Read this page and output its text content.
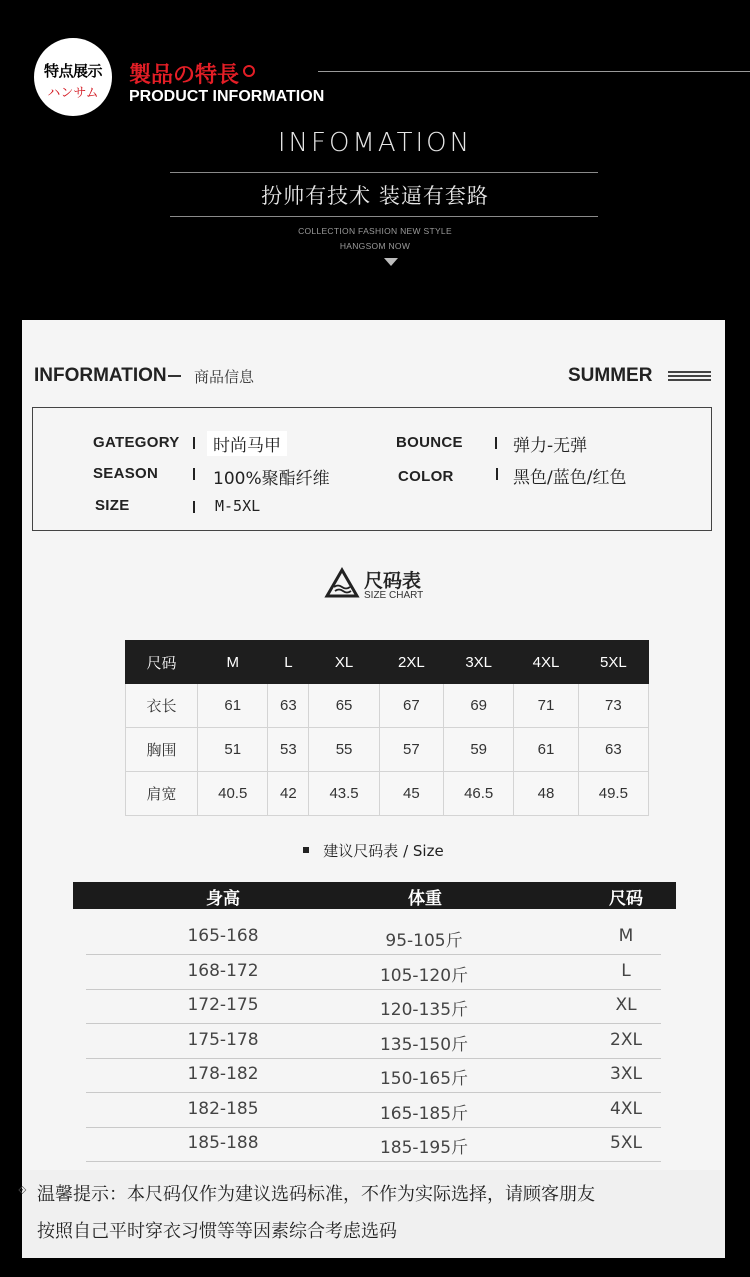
特点展示
ハンサム
製品の特長
PRODUCT INFORMATION
INFOMATION
扮帅有技术 装逼有套路
COLLECTION FASHION NEW STYLE
HANGSOM NOW
INFORMATION 商品信息	SUMMER
GATEGORY	时尚马甲	BOUNCE	弹力-无弹
SEASON	100%聚酯纤维	COLOR	黑色/蓝色/红色
SIZE	M-5XL
尺码表
SIZE CHART
尺码	M	L	XL	2XL	3XL	4XL	5XL
衣长	61	63	65	67	69	71	73
胸围	51	53	55	57	59	61	63
肩宽	40.5	42	43.5	45	46.5	48	49.5
建议尺码表 / Size
身高	体重	尺码
165-168	95-105斤	M
168-172	105-120斤	L
172-175	120-135斤	XL
175-178	135-150斤	2XL
178-182	150-165斤	3XL
182-185	165-185斤	4XL
185-188	185-195斤	5XL
⟐ 温馨提示：本尺码仅作为建议选码标准，不作为实际选择，请顾客朋友
按照自己平时穿衣习惯等等因素综合考虑选码
